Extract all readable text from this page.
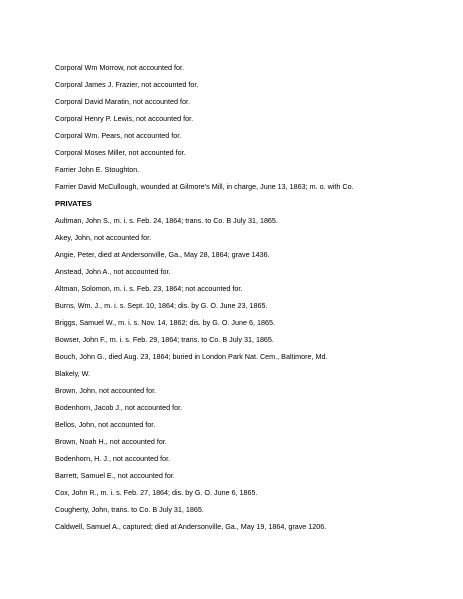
Corporal Wm Morrow, not accounted for.
Corporal James J. Frazier, not accounted for.
Corporal David Maratin, not accounted for.
Corporal Henry P. Lewis, not accounted for.
Corporal Wm. Pears, not accounted for.
Corporal Moses Miller, not accounted for.
Farrier John E. Stoughton.
Farrier David McCullough, wounded at Gilmore's Mill, in charge, June 13, 1863; m. o. with Co.
PRIVATES
Aultman, John S., m. i. s. Feb. 24, 1864; trans. to Co. B July 31, 1865.
Akey, John, not accounted for.
Angie, Peter, died at Andersonville, Ga., May 28, 1864; grave 1436.
Anstead, John A., not accounted for.
Altman, Solomon, m. i. s. Feb. 23, 1864; not accounted for.
Burns, Wm. J., m. i. s. Sept. 10, 1864; dis. by G. O. June 23, 1865.
Briggs, Samuel W., m. i. s. Nov. 14, 1862; dis. by G. O. June 6, 1865.
Bowser, John F., m. i. s. Feb. 29, 1864; trans. to Co. B July 31, 1865.
Bouch, John G., died Aug. 23, 1864; buried in London Park Nat. Cem., Baltimore, Md.
Blakely, W.
Brown, John, not accounted for.
Bodenhorn, Jacob J., not accounted for.
Bellos, John, not accounted for.
Brown, Noah H., not accounted for.
Bodenhorn, H. J., not accounted for.
Barrett, Samuel E., not accounted for.
Cox, John R., m. i. s. Feb. 27, 1864; dis. by G. O. June 6, 1865.
Cougherty, John, trans. to Co. B July 31, 1865.
Caldwell, Samuel A., captured; died at Andersonville, Ga., May 19, 1864, grave 1206.
